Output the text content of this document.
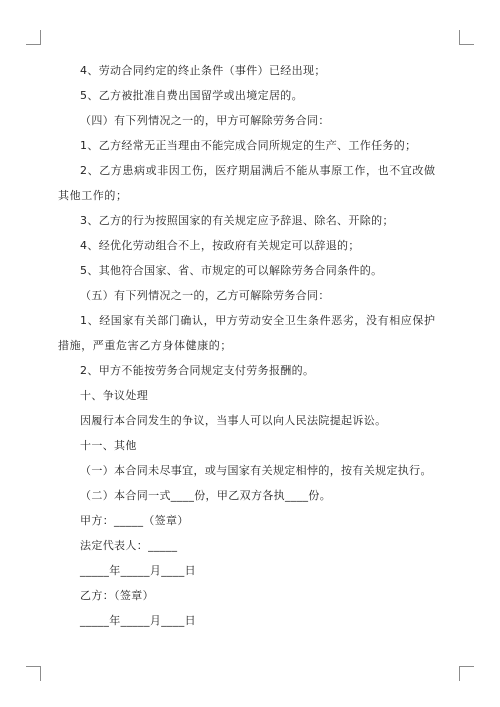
4、劳动合同约定的终止条件（事件）已经出现；
5、乙方被批准自费出国留学或出境定居的。
（四）有下列情况之一的，甲方可解除劳务合同：
1、乙方经常无正当理由不能完成合同所规定的生产、工作任务的；
2、乙方患病或非因工伤，医疗期届满后不能从事原工作，也不宜改做其他工作的；
3、乙方的行为按照国家的有关规定应予辞退、除名、开除的；
4、经优化劳动组合不上，按政府有关规定可以辞退的；
5、其他符合国家、省、市规定的可以解除劳务合同条件的。
（五）有下列情况之一的，乙方可解除劳务合同：
1、经国家有关部门确认，甲方劳动安全卫生条件恶劣，没有相应保护措施，严重危害乙方身体健康的；
2、甲方不能按劳务合同规定支付劳务报酬的。
十、争议处理
因履行本合同发生的争议，当事人可以向人民法院提起诉讼。
十一、其他
（一）本合同未尽事宜，或与国家有关规定相悖的，按有关规定执行。
（二）本合同一式____份，甲乙双方各执____份。
甲方：_____（签章）
法定代表人：_____
_____年_____月____日
乙方：（签章）
_____年_____月____日
